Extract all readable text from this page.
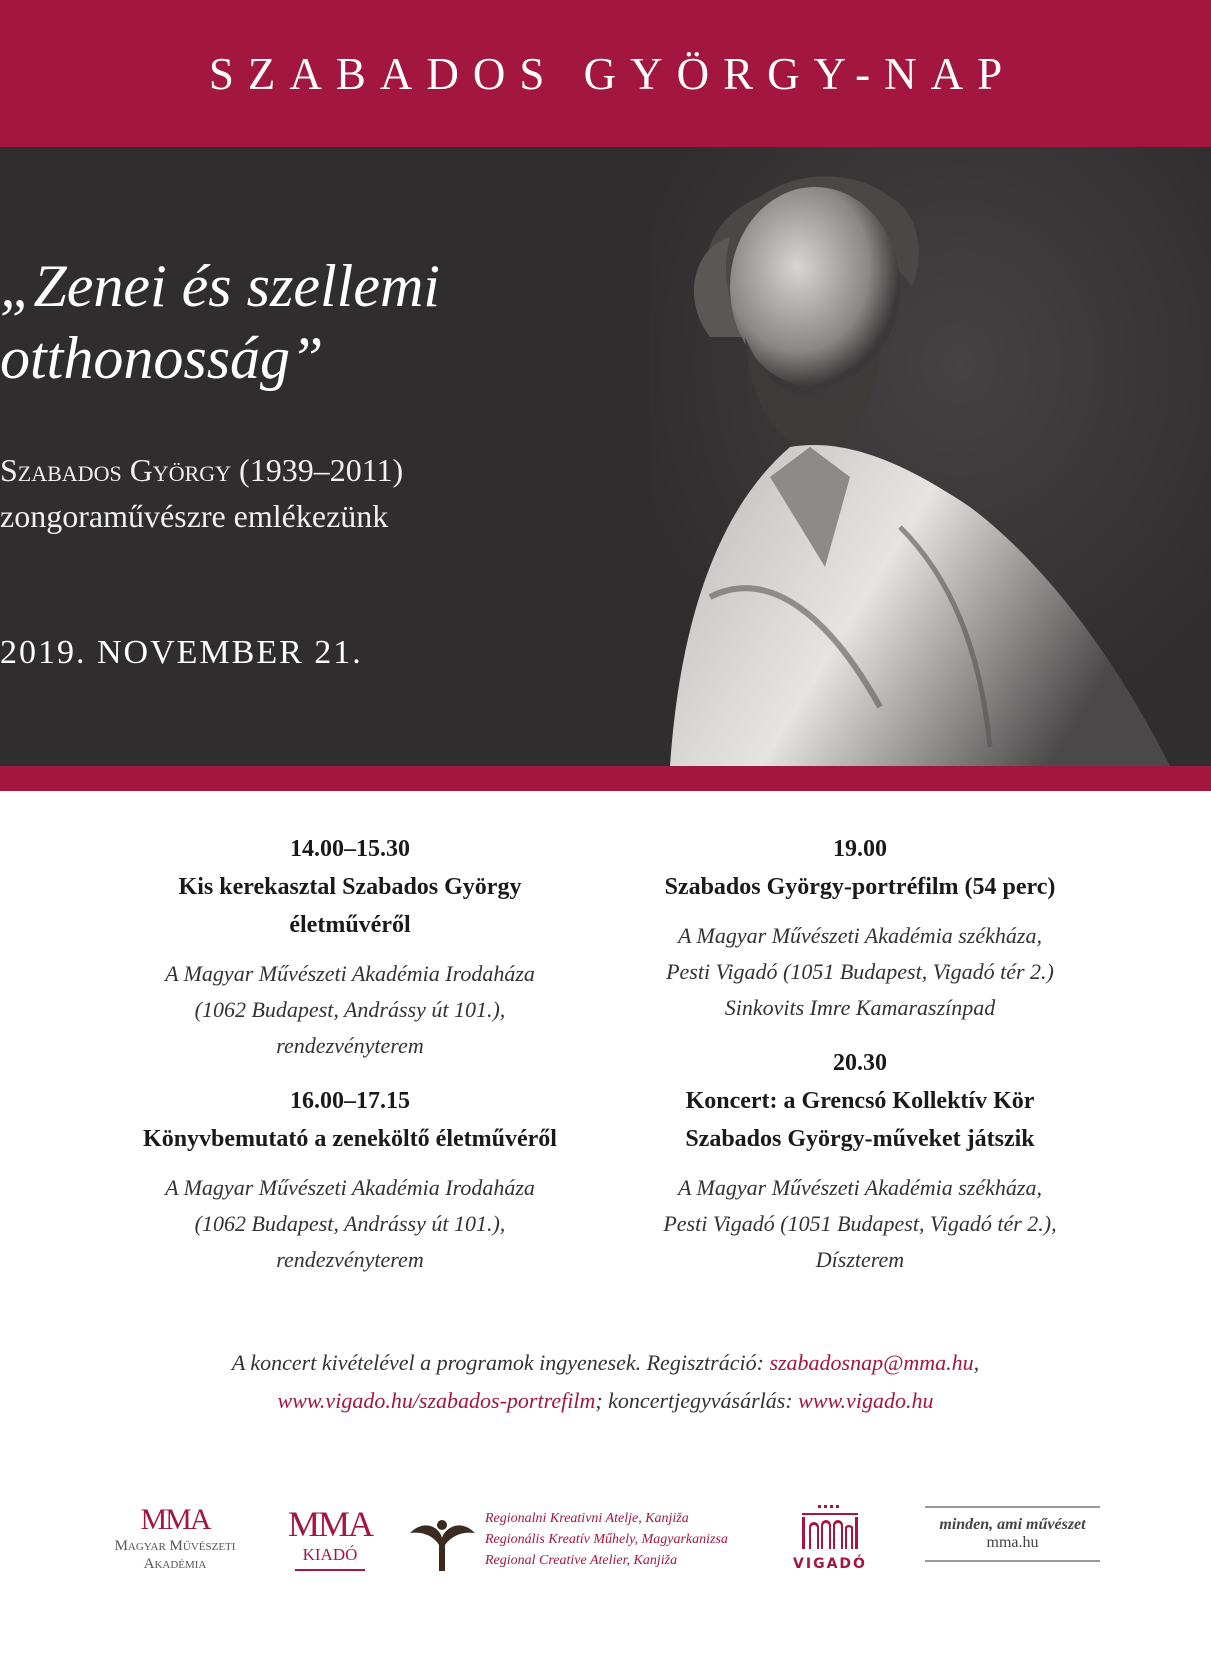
SZABADOS GYÖRGY-NAP
„Zenei és szellemi
otthonosság”
Szabados György (1939–2011)
zongoraművészre emlékezünk
2019. NOVEMBER 21.
14.00–15.30
Kis kerekasztal Szabados György
életművéről
A Magyar Művészeti Akadémia Irodaháza
(1062 Budapest, Andrássy út 101.),
rendezvényterem
16.00–17.15
Könyvbemutató a zeneköltő életművéről
A Magyar Művészeti Akadémia Irodaháza
(1062 Budapest, Andrássy út 101.),
rendezvényterem
19.00
Szabados György-portréfilm (54 perc)
A Magyar Művészeti Akadémia székháza,
Pesti Vigadó (1051 Budapest, Vigadó tér 2.)
Sinkovits Imre Kamaraszínpad
20.30
Koncert: a Grencsó Kollektív Kör
Szabados György-műveket játszik
A Magyar Művészeti Akadémia székháza,
Pesti Vigadó (1051 Budapest, Vigadó tér 2.),
Díszterem
A koncert kivételével a programok ingyenesek. Regisztráció: szabadosnap@mma.hu,
www.vigado.hu/szabados-portrefilm; koncertjegyvásárlás: www.vigado.hu
MMA
Magyar Művészeti
Akadémia
MMA
KIADÓ
Regionalni Kreativni Atelje, Kanjiža
Regionális Kreatív Műhely, Magyarkanizsa
Regional Creative Atelier, Kanjiža	VIGADÓ
minden, ami művészet
mma.hu
